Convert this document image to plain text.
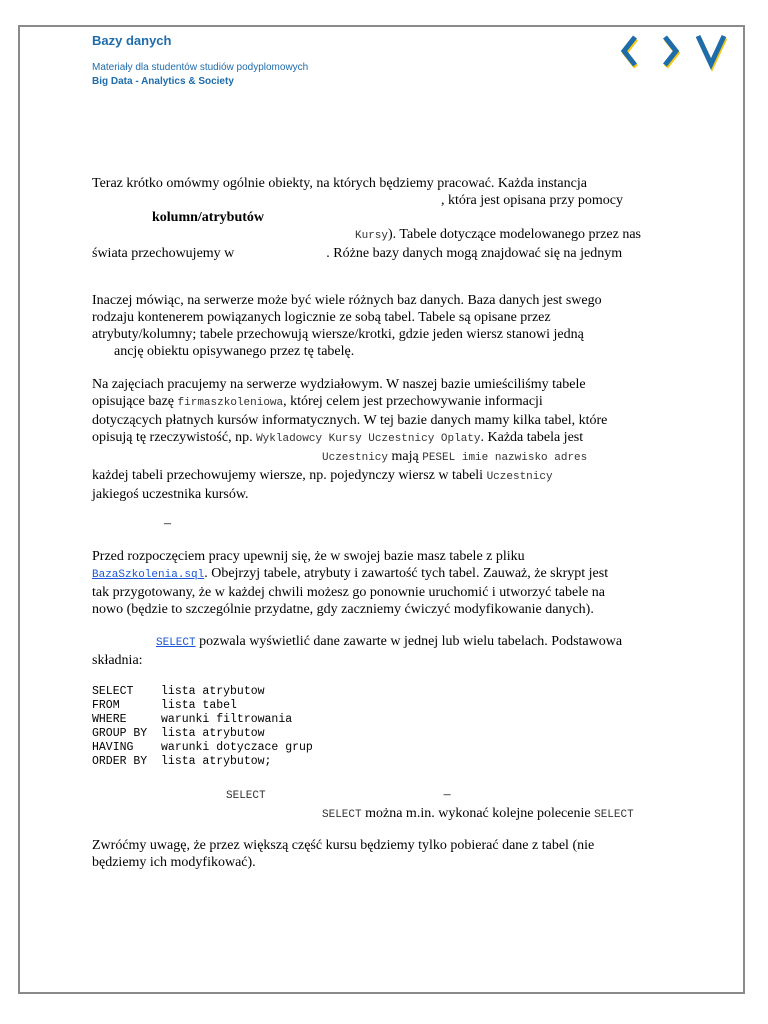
Bazy danych
Materiały dla studentów studiów podyplomowych
Big Data - Analytics & Society
Teraz krótko omówmy ogólnie obiekty, na których będziemy pracować. Każda instancja
, która jest opisana przy pomocy
kolumn/atrybutów
Kursy). Tabele dotyczące modelowanego przez nas
świata przechowujemy w	. Różne bazy danych mogą znajdować się na jednym
Inaczej mówiąc, na serwerze może być wiele różnych baz danych. Baza danych jest swego
rodzaju kontenerem powiązanych logicznie ze sobą tabel. Tabele są opisane przez
atrybuty/kolumny; tabele przechowują wiersze/krotki, gdzie jeden wiersz stanowi jedną
ancję obiektu opisywanego przez tę tabelę.
Na zajęciach pracujemy na serwerze wydziałowym. W naszej bazie umieściliśmy tabele
opisujące bazę firmaszkoleniowa, której celem jest przechowywanie informacji
dotyczących płatnych kursów informatycznych. W tej bazie danych mamy kilka tabel, które
opisują tę rzeczywistość, np. Wykladowcy Kursy Uczestnicy Oplaty. Każda tabela jest
Uczestnicy mają PESEL imie nazwisko adres
każdej tabeli przechowujemy wiersze, np. pojedynczy wiersz w tabeli Uczestnicy
jakiegoś uczestnika kursów.
–
Przed rozpoczęciem pracy upewnij się, że w swojej bazie masz tabele z pliku
BazaSzkolenia.sql. Obejrzyj tabele, atrybuty i zawartość tych tabel. Zauważ, że skrypt jest
tak przygotowany, że w każdej chwili możesz go ponownie uruchomić i utworzyć tabele na
nowo (będzie to szczególnie przydatne, gdy zaczniemy ćwiczyć modyfikowanie danych).
SELECT pozwala wyświetlić dane zawarte w jednej lub wielu tabelach. Podstawowa
składnia:
SELECT    lista atrybutow
FROM      lista tabel
WHERE     warunki filtrowania
GROUP BY  lista atrybutow
HAVING    warunki dotyczace grup
ORDER BY  lista atrybutow;
SELECT	–
SELECT można m.in. wykonać kolejne polecenie SELECT
Zwróćmy uwagę, że przez większą część kursu będziemy tylko pobierać dane z tabel (nie
będziemy ich modyfikować).
